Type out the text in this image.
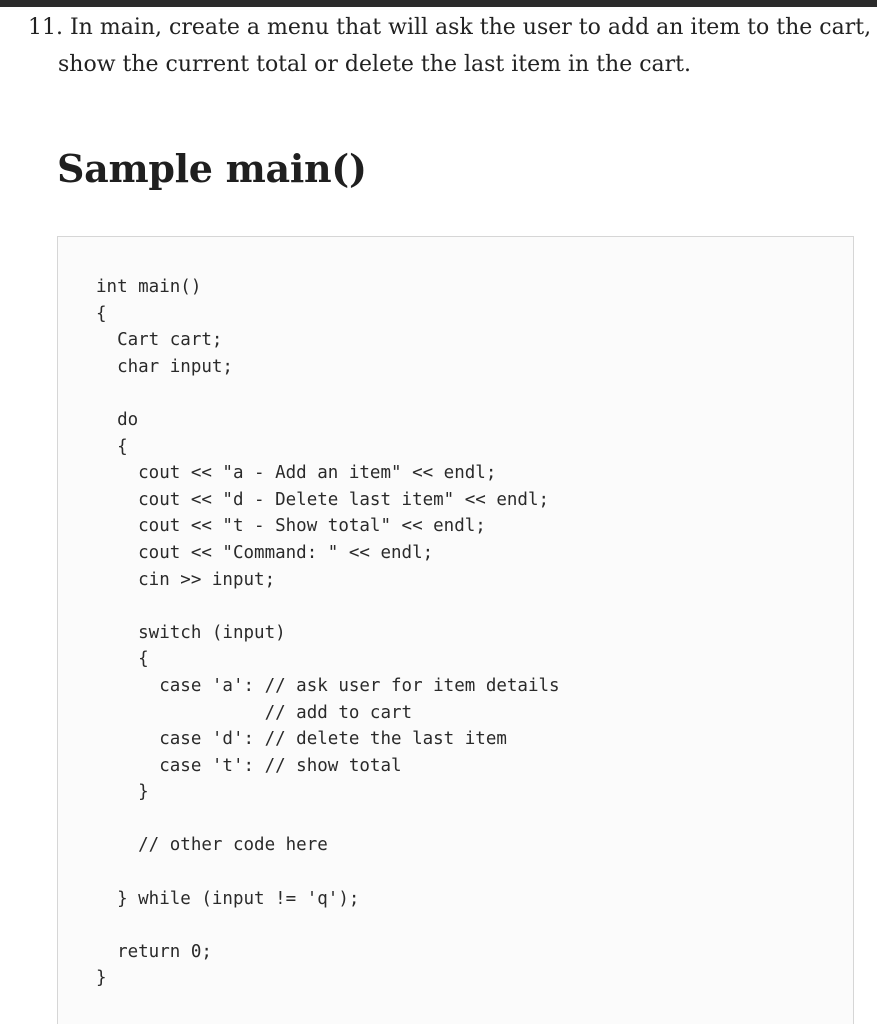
11. In main, create a menu that will ask the user to add an item to the cart,
show the current total or delete the last item in the cart.
Sample main()
int main()
{
Cart cart;
char input;
do
{
cout << "a - Add an item" << endl;
cout << "d - Delete last item" << endl;
cout << "t - Show total" << endl;
cout << "Command: " << endl;
cin >> input;
switch (input)
{
case 'a': // ask user for item details
// add to cart
case 'd': // delete the last item
case 't': // show total
}
// other code here
} while (input != 'q');
return 0;
}
